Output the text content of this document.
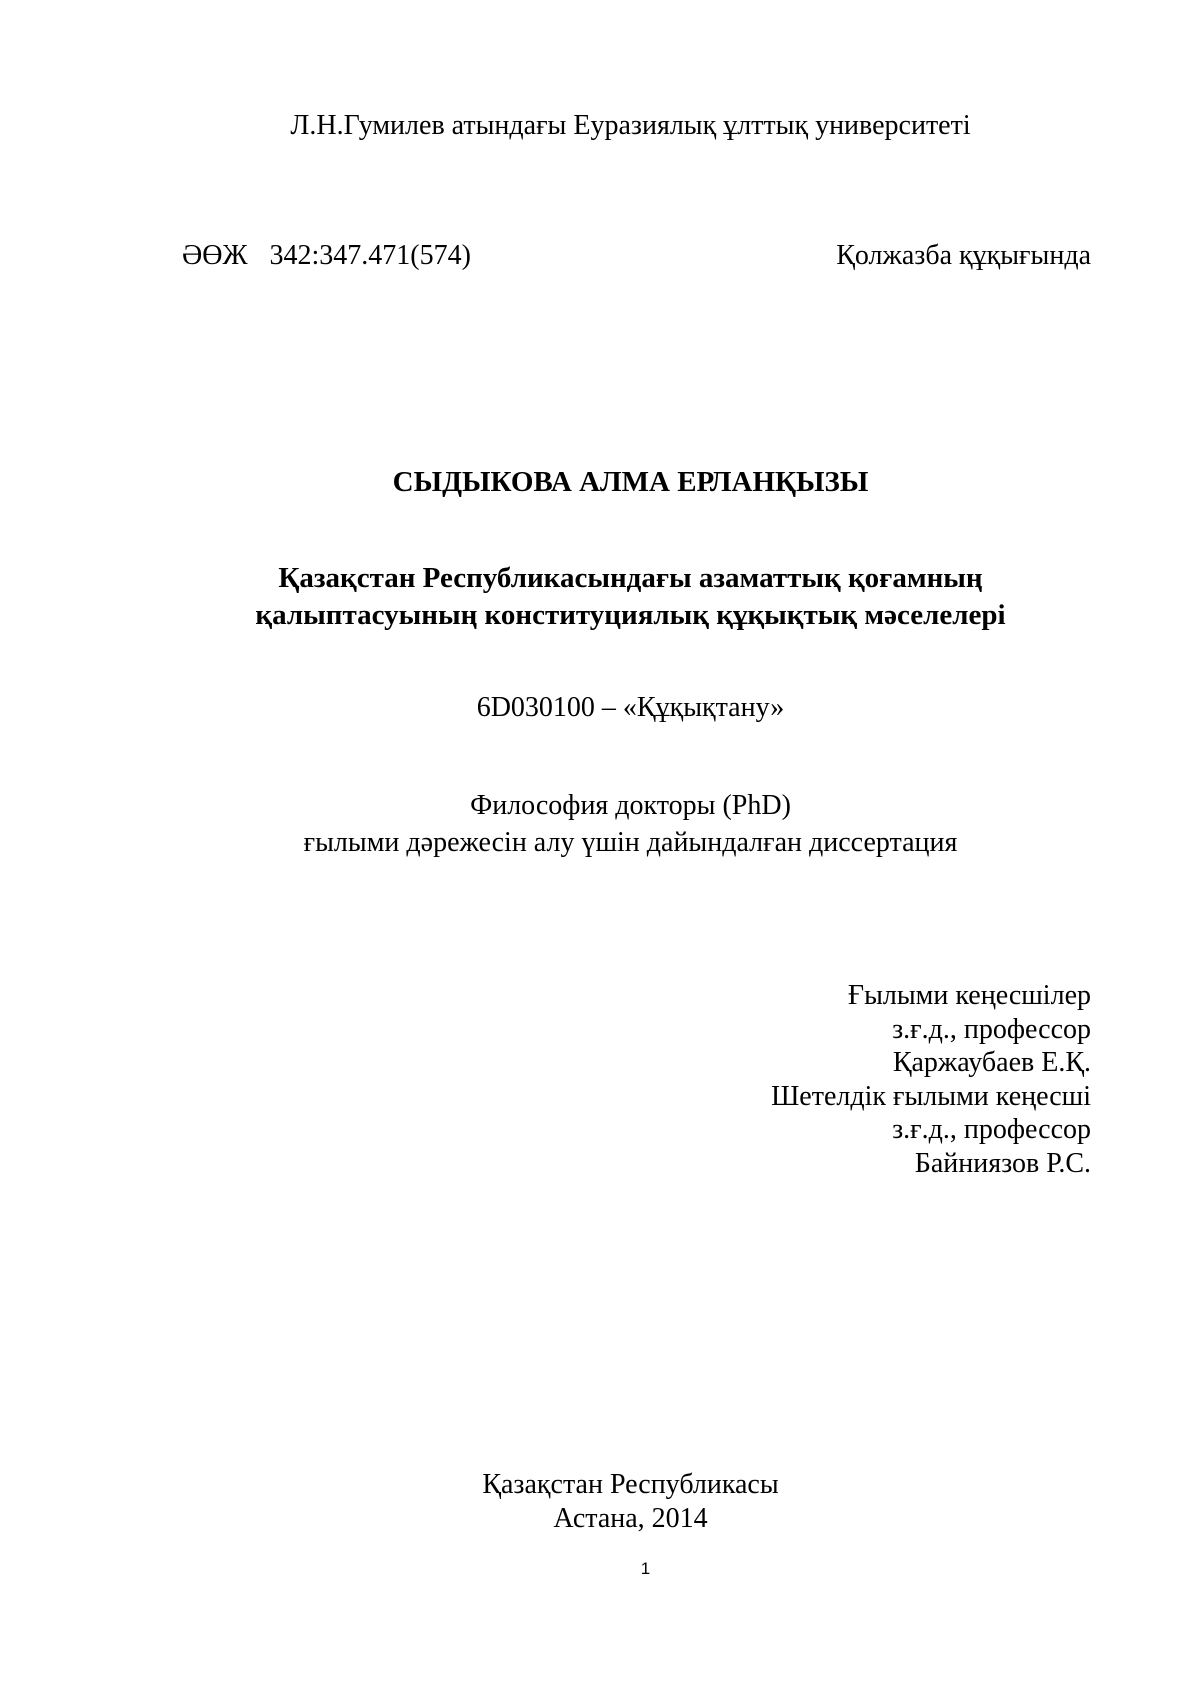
Л.Н.Гумилев атындағы Еуразиялық ұлттық университеті
ӘӨЖ 342:347.471(574)	Қолжазба құқығында
СЫДЫКОВА АЛМА ЕРЛАНҚЫЗЫ
Қазақстан Республикасындағы азаматтық қоғамның
қалыптасуының конституциялық құқықтық мәселелері
6D030100 – «Құқықтану»
Философия докторы (PhD)
ғылыми дәрежесін алу үшін дайындалған диссертация
Ғылыми кеңесшілер
з.ғ.д., профессор
Қаржаубаев Е.Қ.
Шетелдік ғылыми кеңесші
з.ғ.д., профессор
Байниязов Р.С.
Қазақстан Республикасы
Астана, 2014
1
